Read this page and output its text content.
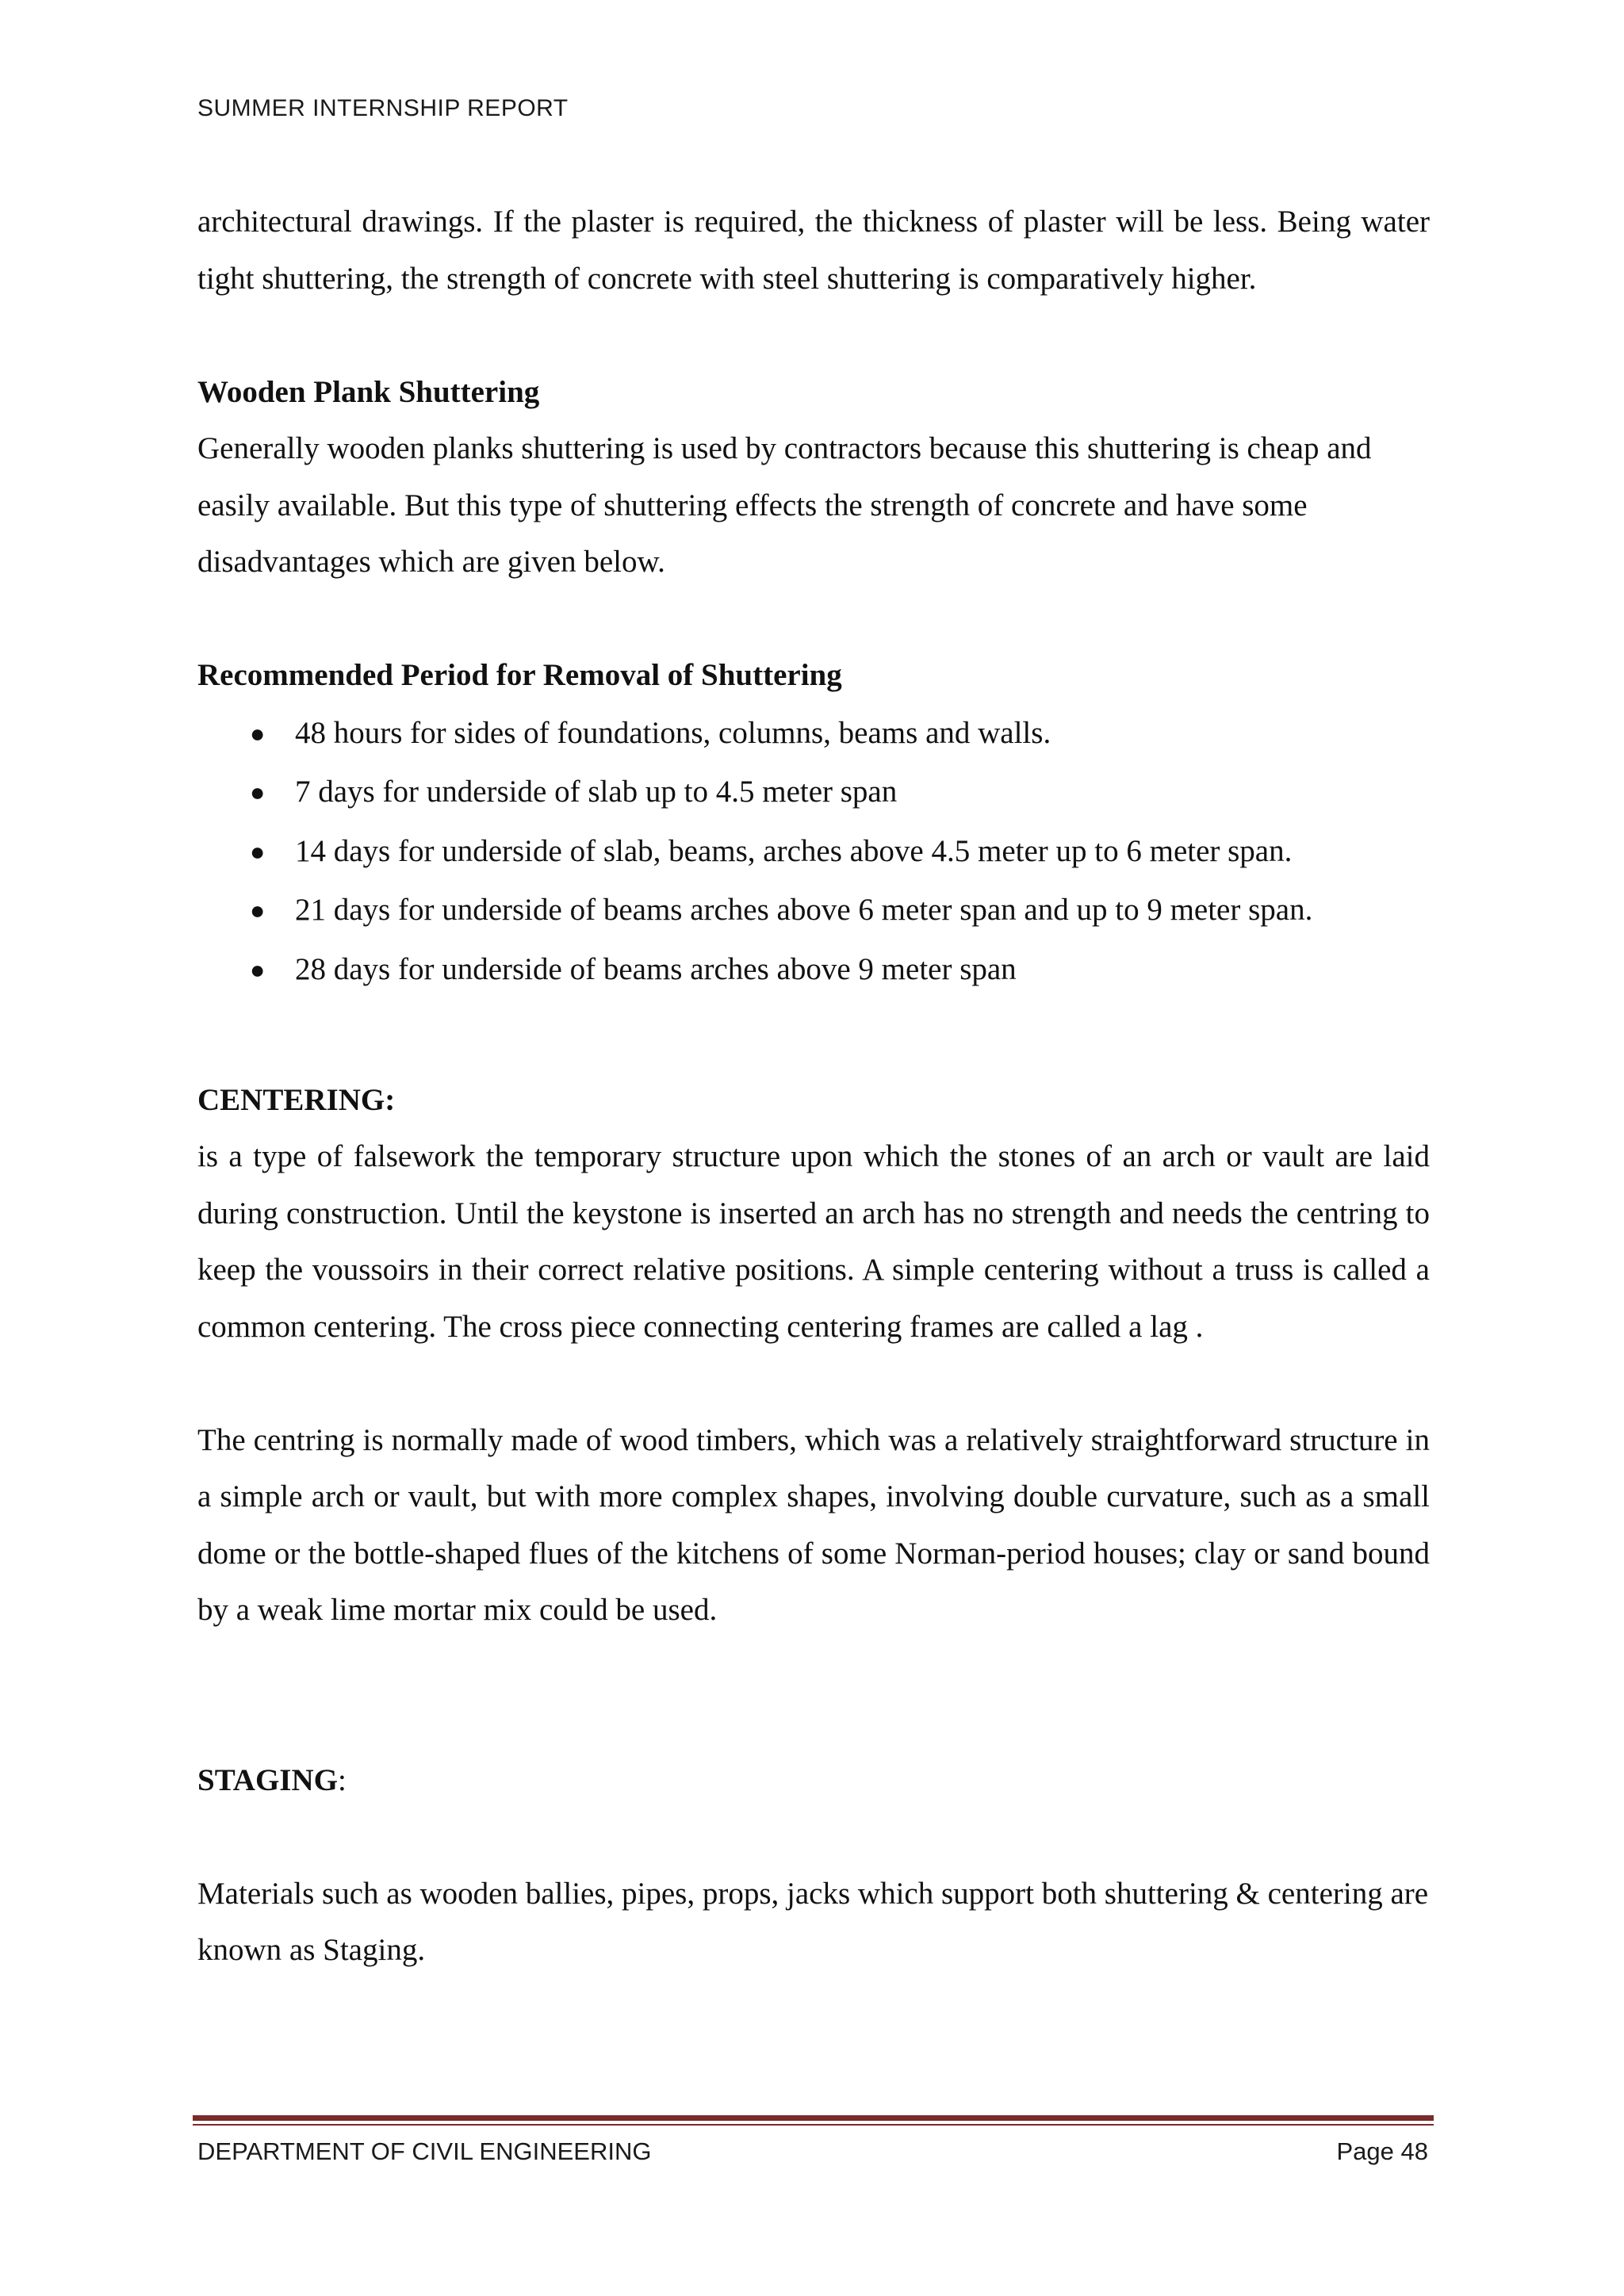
SUMMER INTERNSHIP REPORT

architectural drawings. If the plaster is required, the thickness of plaster will be less. Being water tight shuttering, the strength of concrete with steel shuttering is comparatively higher.

Wooden Plank Shuttering

Generally wooden planks shuttering is used by contractors because this shuttering is cheap and easily available. But this type of shuttering effects the strength of concrete and have some disadvantages which are given below.

Recommended Period for Removal of Shuttering

● 48 hours for sides of foundations, columns, beams and walls.
● 7 days for underside of slab up to 4.5 meter span
● 14 days for underside of slab, beams, arches above 4.5 meter up to 6 meter span.
● 21 days for underside of beams arches above 6 meter span and up to 9 meter span.
● 28 days for underside of beams arches above 9 meter span

CENTERING:

is a type of falsework the temporary structure upon which the stones of an arch or vault are laid during construction. Until the keystone is inserted an arch has no strength and needs the centring to keep the voussoirs in their correct relative positions. A simple centering without a truss is called a common centering. The cross piece connecting centering frames are called a lag .

The centring is normally made of wood timbers, which was a relatively straightforward structure in a simple arch or vault, but with more complex shapes, involving double curvature, such as a small dome or the bottle-shaped flues of the kitchens of some Norman-period houses; clay or sand bound by a weak lime mortar mix could be used.

STAGING:

Materials such as wooden ballies, pipes, props, jacks which support both shuttering & centering are known as Staging.

DEPARTMENT OF CIVIL ENGINEERING	Page 48
